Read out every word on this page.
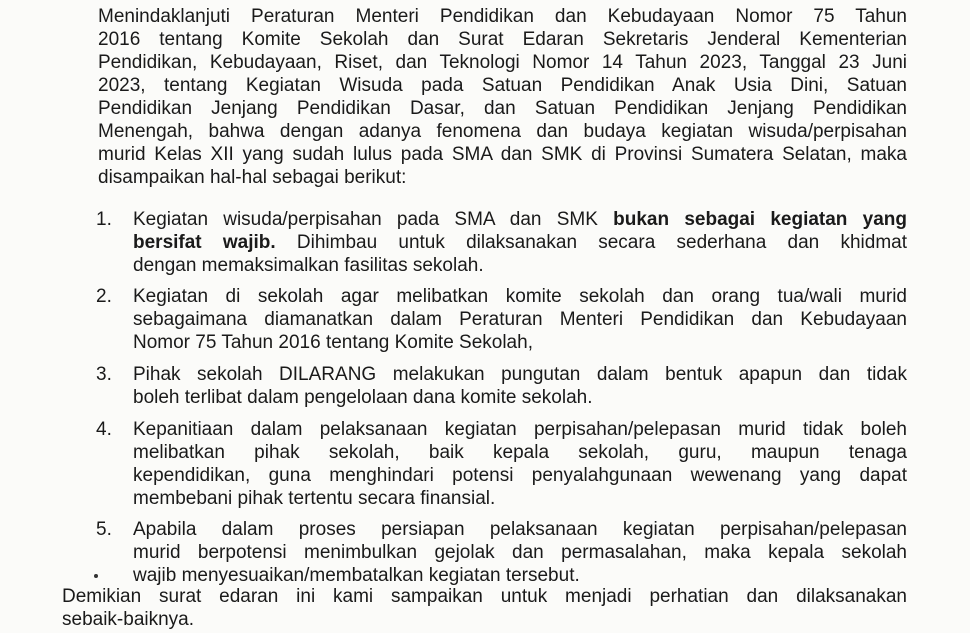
Menindaklanjuti Peraturan Menteri Pendidikan dan Kebudayaan Nomor 75 Tahun
2016 tentang Komite Sekolah dan Surat Edaran Sekretaris Jenderal Kementerian
Pendidikan, Kebudayaan, Riset, dan Teknologi Nomor 14 Tahun 2023, Tanggal 23 Juni
2023, tentang Kegiatan Wisuda pada Satuan Pendidikan Anak Usia Dini, Satuan
Pendidikan Jenjang Pendidikan Dasar, dan Satuan Pendidikan Jenjang Pendidikan
Menengah, bahwa dengan adanya fenomena dan budaya kegiatan wisuda/perpisahan
murid Kelas XII yang sudah lulus pada SMA dan SMK di Provinsi Sumatera Selatan, maka
disampaikan hal-hal sebagai berikut:

1. Kegiatan wisuda/perpisahan pada SMA dan SMK bukan sebagai kegiatan yang
bersifat wajib. Dihimbau untuk dilaksanakan secara sederhana dan khidmat
dengan memaksimalkan fasilitas sekolah.
2. Kegiatan di sekolah agar melibatkan komite sekolah dan orang tua/wali murid
sebagaimana diamanatkan dalam Peraturan Menteri Pendidikan dan Kebudayaan
Nomor 75 Tahun 2016 tentang Komite Sekolah,
3. Pihak sekolah DILARANG melakukan pungutan dalam bentuk apapun dan tidak
boleh terlibat dalam pengelolaan dana komite sekolah.
4. Kepanitiaan dalam pelaksanaan kegiatan perpisahan/pelepasan murid tidak boleh
melibatkan pihak sekolah, baik kepala sekolah, guru, maupun tenaga
kependidikan, guna menghindari potensi penyalahgunaan wewenang yang dapat
membebani pihak tertentu secara finansial.
5. Apabila dalam proses persiapan pelaksanaan kegiatan perpisahan/pelepasan
murid berpotensi menimbulkan gejolak dan permasalahan, maka kepala sekolah
wajib menyesuaikan/membatalkan kegiatan tersebut.

Demikian surat edaran ini kami sampaikan untuk menjadi perhatian dan dilaksanakan
sebaik-baiknya.
